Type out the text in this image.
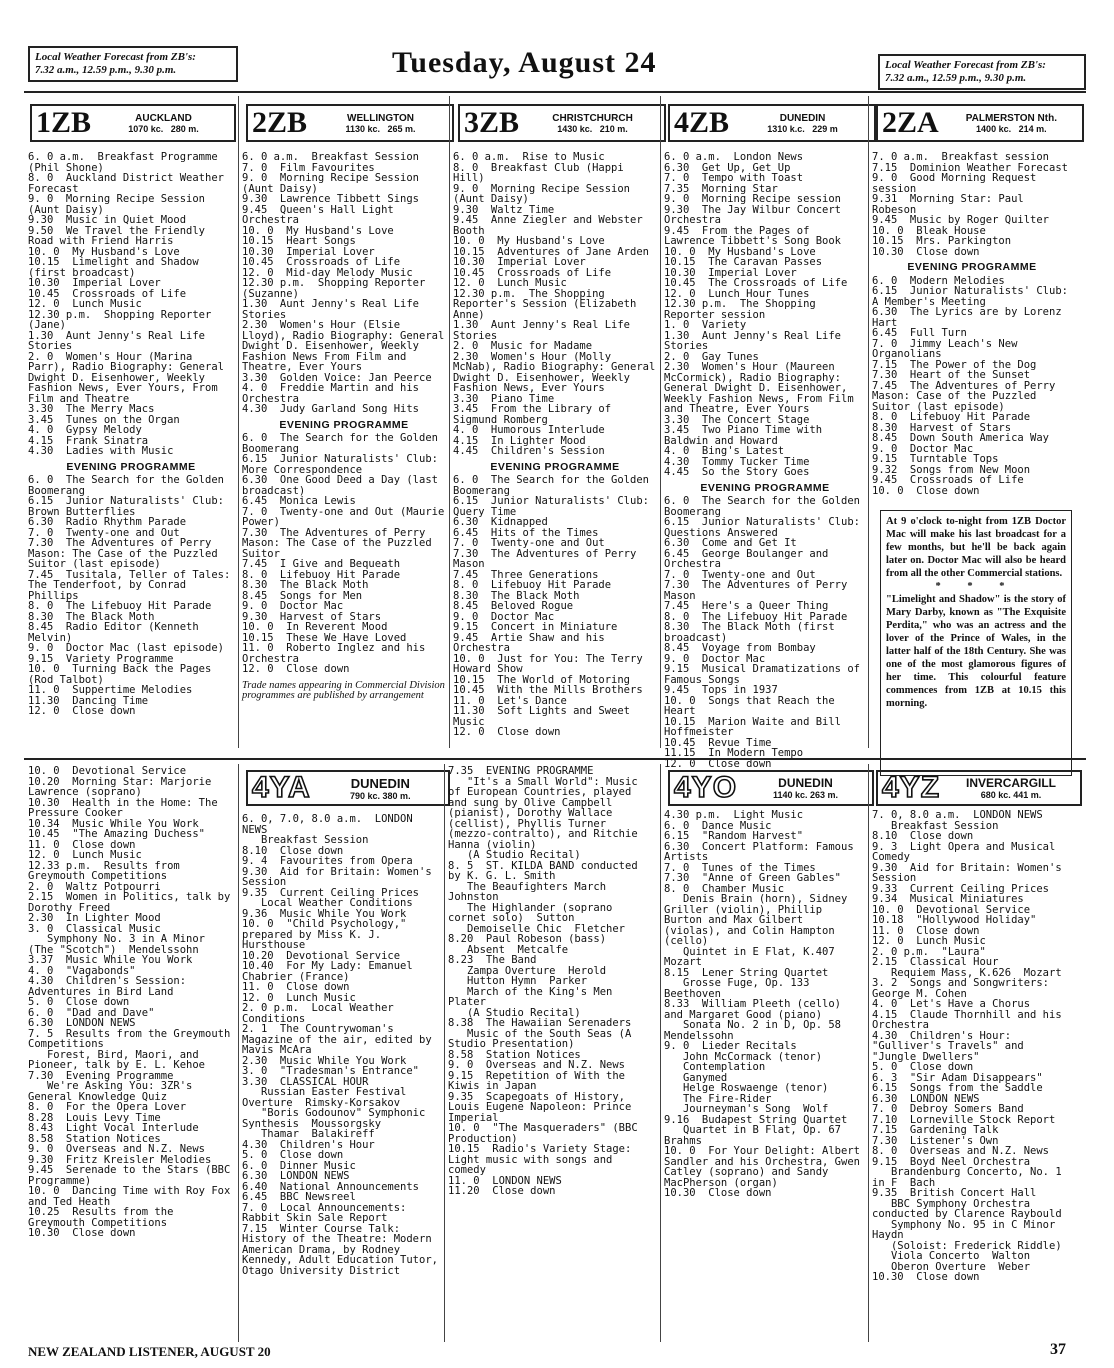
Local Weather Forecast from ZB's:
7.32 a.m., 12.59 p.m., 9.30 p.m.	Tuesday, August 24	Local Weather Forecast from ZB's:
7.32 a.m., 12.59 p.m., 9.30 p.m.
1ZB	AUCKLAND
1070 kc. 280 m.	2ZB	WELLINGTON
1130 kc. 265 m.	3ZB	CHRISTCHURCH
1430 kc. 210 m.	4ZB	DUNEDIN
1310 k.c. 229 m	2ZA	PALMERSTON Nth.
1400 kc. 214 m.
6. 0 a.m.  Breakfast Programme (Phil Shone)
8. 0  Auckland District Weather Forecast
9. 0  Morning Recipe Session (Aunt Daisy)
9.30  Music in Quiet Mood
9.50  We Travel the Friendly Road with Friend Harris
10. 0  My Husband's Love
10.15  Limelight and Shadow (first broadcast)
10.30  Imperial Lover
10.45  Crossroads of Life
12. 0  Lunch Music
12.30 p.m.  Shopping Reporter (Jane)
1.30  Aunt Jenny's Real Life Stories
2. 0  Women's Hour (Marina Parr), Radio Biography: General Dwight D. Eisenhower, Weekly Fashion News, Ever Yours, From Film and Theatre
3.30  The Merry Macs
3.45  Tunes on the Organ
4. 0  Gypsy Melody
4.15  Frank Sinatra
4.30  Ladies with Music
EVENING PROGRAMME
6. 0  The Search for the Golden Boomerang
6.15  Junior Naturalists' Club: Brown Butterflies
6.30  Radio Rhythm Parade
7. 0  Twenty-one and Out
7.30  The Adventures of Perry Mason: The Case of the Puzzled Suitor (last episode)
7.45  Tusitala, Teller of Tales: The Tenderfoot, by Conrad Phillips
8. 0  The Lifebuoy Hit Parade
8.30  The Black Moth
8.45  Radio Editor (Kenneth Melvin)
9. 0  Doctor Mac (last episode)
9.15  Variety Programme
10. 0  Turning Back the Pages (Rod Talbot)
11. 0  Suppertime Melodies
11.30  Dancing Time
12. 0  Close down
6. 0 a.m.  Breakfast Session
7. 0  Film Favourites
9. 0  Morning Recipe Session (Aunt Daisy)
9.30  Lawrence Tibbett Sings
9.45  Queen's Hall Light Orchestra
10. 0  My Husband's Love
10.15  Heart Songs
10.30  Imperial Lover
10.45  Crossroads of Life
12. 0  Mid-day Melody Music
12.30 p.m.  Shopping Reporter (Suzanne)
1.30  Aunt Jenny's Real Life Stories
2.30  Women's Hour (Elsie Lloyd), Radio Biography: General Dwight D. Eisenhower, Weekly Fashion News From Film and Theatre, Ever Yours
3.30  Golden Voice: Jan Peerce
4. 0  Freddie Martin and his Orchestra
4.30  Judy Garland Song Hits
EVENING PROGRAMME
6. 0  The Search for the Golden Boomerang
6.15  Junior Naturalists' Club: More Correspondence
6.30  One Good Deed a Day (last broadcast)
6.45  Monica Lewis
7. 0  Twenty-one and Out (Maurie Power)
7.30  The Adventures of Perry Mason: The Case of the Puzzled Suitor
7.45  I Give and Bequeath
8. 0  Lifebuoy Hit Parade
8.30  The Black Moth
8.45  Songs for Men
9. 0  Doctor Mac
9.30  Harvest of Stars
10. 0  In Reverent Mood
10.15  These We Have Loved
11. 0  Roberto Inglez and his Orchestra
12. 0  Close down
Trade names appearing in Commercial Division programmes are published by arrangement
6. 0 a.m.  Rise to Music
8. 0  Breakfast Club (Happi Hill)
9. 0  Morning Recipe Session (Aunt Daisy)
9.30  Waltz Time
9.45  Anne Ziegler and Webster Booth
10. 0  My Husband's Love
10.15  Adventures of Jane Arden
10.30  Imperial Lover
10.45  Crossroads of Life
12. 0  Lunch Music
12.30 p.m.  The Shopping Reporter's Session (Elizabeth Anne)
1.30  Aunt Jenny's Real Life Stories
2. 0  Music for Madame
2.30  Women's Hour (Molly McNab), Radio Biography: General Dwight D. Eisenhower, Weekly Fashion News, Ever Yours
3.30  Piano Time
3.45  From the Library of Sigmund Romberg
4. 0  Humorous Interlude
4.15  In Lighter Mood
4.45  Children's Session
EVENING PROGRAMME
6. 0  The Search for the Golden Boomerang
6.15  Junior Naturalists' Club: Query Time
6.30  Kidnapped
6.45  Hits of the Times
7. 0  Twenty-one and Out
7.30  The Adventures of Perry Mason
7.45  Three Generations
8. 0  Lifebuoy Hit Parade
8.30  The Black Moth
8.45  Beloved Rogue
9. 0  Doctor Mac
9.15  Concert in Miniature
9.45  Artie Shaw and his Orchestra
10. 0  Just for You: The Terry Howard Show
10.15  The World of Motoring
10.45  With the Mills Brothers
11. 0  Let's Dance
11.30  Soft Lights and Sweet Music
12. 0  Close down
6. 0 a.m.  London News
6.30  Get Up, Get Up
7. 0  Tempo with Toast
7.35  Morning Star
9. 0  Morning Recipe session
9.30  The Jay Wilbur Concert Orchestra
9.45  From the Pages of Lawrence Tibbett's Song Book
10. 0  My Husband's Love
10.15  The Caravan Passes
10.30  Imperial Lover
10.45  The Crossroads of Life
12. 0  Lunch Hour Tunes
12.30 p.m.  The Shopping Reporter session
1. 0  Variety
1.30  Aunt Jenny's Real Life Stories
2. 0  Gay Tunes
2.30  Women's Hour (Maureen McCormick), Radio Biography: General Dwight D. Eisenhower, Weekly Fashion News, From Film and Theatre, Ever Yours
3.30  The Concert Stage
3.45  Two Piano Time with Baldwin and Howard
4. 0  Bing's Latest
4.30  Tommy Tucker Time
4.45  So the Story Goes
EVENING PROGRAMME
6. 0  The Search for the Golden Boomerang
6.15  Junior Naturalists' Club: Questions Answered
6.30  Come and Get It
6.45  George Boulanger and Orchestra
7. 0  Twenty-one and Out
7.30  The Adventures of Perry Mason
7.45  Here's a Queer Thing
8. 0  The Lifebuoy Hit Parade
8.30  The Black Moth (first broadcast)
8.45  Voyage from Bombay
9. 0  Doctor Mac
9.15  Musical Dramatizations of Famous Songs
9.45  Tops in 1937
10. 0  Songs that Reach the Heart
10.15  Marion Waite and Bill Hoffmeister
10.45  Revue Time
11.15  In Modern Tempo
12. 0  Close down
7. 0 a.m.  Breakfast session
7.15  Dominion Weather Forecast
9. 0  Good Morning Request session
9.31  Morning Star: Paul Robeson
9.45  Music by Roger Quilter
10. 0  Bleak House
10.15  Mrs. Parkington
10.30  Close down
EVENING PROGRAMME
6. 0  Modern Melodies
6.15  Junior Naturalists' Club: A Member's Meeting
6.30  The Lyrics are by Lorenz Hart
6.45  Full Turn
7. 0  Jimmy Leach's New Organolians
7.15  The Power of the Dog
7.30  Heart of the Sunset
7.45  The Adventures of Perry Mason: Case of the Puzzled Suitor (last episode)
8. 0  Lifebuoy Hit Parade
8.30  Harvest of Stars
8.45  Down South America Way
9. 0  Doctor Mac
9.15  Turntable Tops
9.32  Songs from New Moon
9.45  Crossroads of Life
10. 0  Close down
At 9 o'clock to-night from 1ZB Doctor Mac will make his last broadcast for a few months, but he'll be back again later on. Doctor Mac will also be heard from all the other Commercial stations.
* * *
"Limelight and Shadow" is the story of Mary Darby, known as "The Exquisite Perdita," who was an actress and the lover of the Prince of Wales, in the latter half of the 18th Century. She was one of the most glamorous figures of her time. This colourful feature commences from 1ZB at 10.15 this morning.
4YA	DUNEDIN
790 kc. 380 m.	4YO	DUNEDIN
1140 kc. 263 m.	4YZ	INVERCARGILL
680 kc. 441 m.
10. 0  Devotional Service
10.20  Morning Star: Marjorie Lawrence (soprano)
10.30  Health in the Home: The Pressure Cooker
10.34  Music While You Work
10.45  "The Amazing Duchess"
11. 0  Close down
12. 0  Lunch Music
12.33 p.m.  Results from Greymouth Competitions
2. 0  Waltz Potpourri
2.15  Women in Politics, talk by Dorothy Freed
2.30  In Lighter Mood
3. 0  Classical Music
Symphony No. 3 in A Minor (The "Scotch")  Mendelssohn
3.37  Music While You Work
4. 0  "Vagabonds"
4.30  Children's Session: Adventures in Bird Land
5. 0  Close down
6. 0  "Dad and Dave"
6.30  LONDON NEWS
7. 5  Results from the Greymouth Competitions
Forest, Bird, Maori, and Pioneer, talk by E. L. Kehoe
7.30  Evening Programme
We're Asking You: 3ZR's General Knowledge Quiz
8. 0  For the Opera Lover
8.28  Louis Levy Time
8.43  Light Vocal Interlude
8.58  Station Notices
9. 0  Overseas and N.Z. News
9.30  Fritz Kreisler Melodies
9.45  Serenade to the Stars (BBC Programme)
10. 0  Dancing Time with Roy Fox and Ted Heath
10.25  Results from the Greymouth Competitions
10.30  Close down
6. 0, 7.0, 8.0 a.m.  LONDON NEWS
Breakfast Session
8.10  Close down
9. 4  Favourites from Opera
9.30  Aid for Britain: Women's Session
9.35  Current Ceiling Prices
Local Weather Conditions
9.36  Music While You Work
10. 0  "Child Psychology," prepared by Miss K. J. Hursthouse
10.20  Devotional Service
10.40  For My Lady: Emanuel Chabrier (France)
11. 0  Close down
12. 0  Lunch Music
2. 0 p.m.  Local Weather Conditions
2. 1  The Countrywoman's Magazine of the air, edited by Mavis McAra
2.30  Music While You Work
3. 0  "Tradesman's Entrance"
3.30  CLASSICAL HOUR
Russian Easter Festival Overture  Rimsky-Korsakov
"Boris Godounov" Symphonic Synthesis  Moussorgsky
Thamar  Balakireff
4.30  Children's Hour
5. 0  Close down
6. 0  Dinner Music
6.30  LONDON NEWS
6.40  National Announcements
6.45  BBC Newsreel
7. 0  Local Announcements: Rabbit Skin Sale Report
7.15  Winter Course Talk: History of the Theatre: Modern American Drama, by Rodney Kennedy, Adult Education Tutor, Otago University District
7.35  EVENING PROGRAMME
"It's a Small World": Music of European Countries, played and sung by Olive Campbell (pianist), Dorothy Wallace (cellist), Phyllis Turner (mezzo-contralto), and Ritchie Hanna (violin)
(A Studio Recital)
8. 5  ST. KILDA BAND conducted by K. G. L. Smith
The Beaufighters March  Johnston
The Highlander (soprano cornet solo)  Sutton
Demoiselle Chic  Fletcher
8.20  Paul Robeson (bass)
Absent  Metcalfe
8.23  The Band
Zampa Overture  Herold
Hutton Hymn  Parker
March of the King's Men  Plater
(A Studio Recital)
8.38  The Hawaiian Serenaders
Music of the South Seas (A Studio Presentation)
8.58  Station Notices
9. 0  Overseas and N.Z. News
9.15  Repetition of With the Kiwis in Japan
9.35  Scapegoats of History, Louis Eugene Napoleon: Prince Imperial
10. 0  "The Masqueraders" (BBC Production)
10.15  Radio's Variety Stage: Light music with songs and comedy
11. 0  LONDON NEWS
11.20  Close down
4.30 p.m.  Light Music
6. 0  Dance Music
6.15  "Random Harvest"
6.30  Concert Platform: Famous Artists
7. 0  Tunes of the Times
7.30  "Anne of Green Gables"
8. 0  Chamber Music
Denis Brain (horn), Sidney Griller (violin), Phillip Burton and Max Gilbert (violas), and Colin Hampton (cello)
Quintet in E Flat, K.407  Mozart
8.15  Lener String Quartet
Grosse Fuge, Op. 133  Beethoven
8.33  William Pleeth (cello) and Margaret Good (piano)
Sonata No. 2 in D, Op. 58  Mendelssohn
9. 0  Lieder Recitals
John McCormack (tenor)
Contemplation
Ganymed
Helge Roswaenge (tenor)
The Fire-Rider
Journeyman's Song  Wolf
9.16  Budapest String Quartet
Quartet in B Flat, Op. 67  Brahms
10. 0  For Your Delight: Albert Sandler and his Orchestra, Gwen Catley (soprano) and Sandy MacPherson (organ)
10.30  Close down
7. 0, 8.0 a.m.  LONDON NEWS
Breakfast Session
8.10  Close down
9. 3  Light Opera and Musical Comedy
9.30  Aid for Britain: Women's Session
9.33  Current Ceiling Prices
9.34  Musical Miniatures
10. 0  Devotional Service
10.18  "Hollywood Holiday"
11. 0  Close down
12. 0  Lunch Music
2. 0 p.m.  "Laura"
2.15  Classical Hour
Requiem Mass, K.626  Mozart
3. 2  Songs and Songwriters: George M. Cohen
4. 0  Let's Have a Chorus
4.15  Claude Thornhill and his Orchestra
4.30  Children's Hour: "Gulliver's Travels" and "Jungle Dwellers"
5. 0  Close down
6. 3  "Sir Adam Disappears"
6.15  Songs from the Saddle
6.30  LONDON NEWS
7. 0  Debroy Somers Band
7.10  Lorneville Stock Report
7.15  Gardening Talk
7.30  Listener's Own
8. 0  Overseas and N.Z. News
9.15  Boyd Neel Orchestra
Brandenburg Concerto, No. 1 in F  Bach
9.35  British Concert Hall
BBC Symphony Orchestra conducted by Clarence Raybould
Symphony No. 95 in C Minor  Haydn
(Soloist: Frederick Riddle)
Viola Concerto  Walton
Oberon Overture  Weber
10.30  Close down
NEW ZEALAND LISTENER, AUGUST 20	37
